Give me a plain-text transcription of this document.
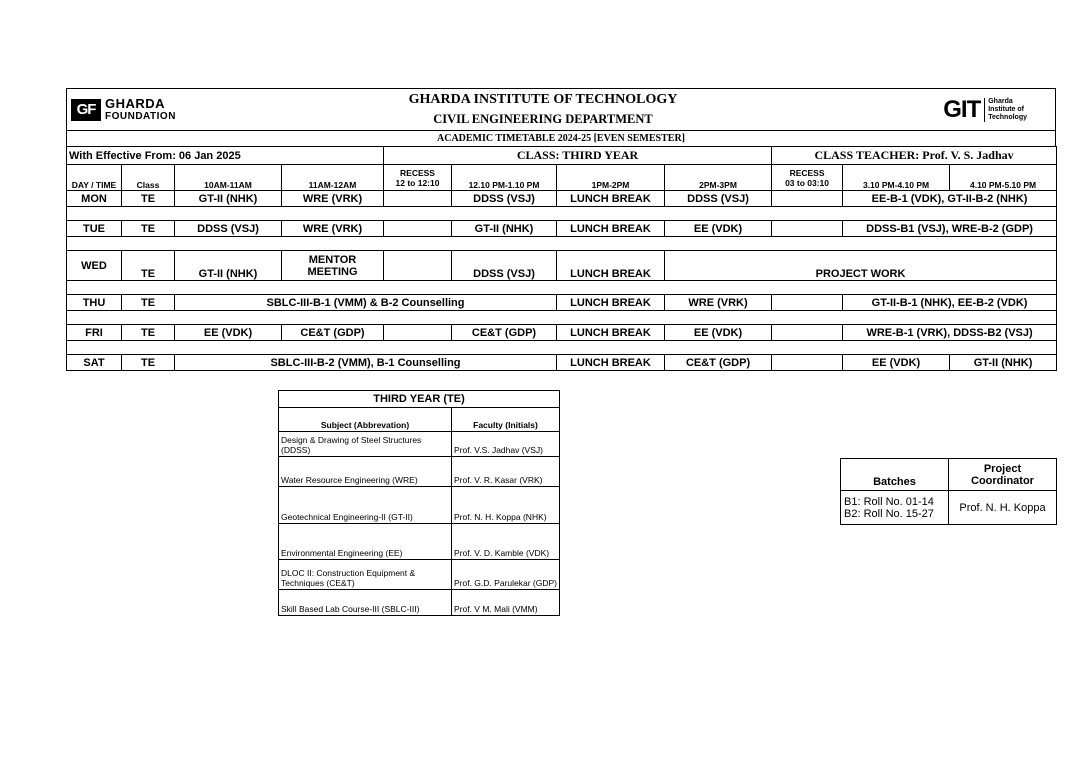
GF GHARDA
FOUNDATION

GHARDA INSTITUTE OF TECHNOLOGY
CIVIL ENGINEERING DEPARTMENT	GIT	Gharda
Institute of
Technology

ACADEMIC TIMETABLE 2024-25 [EVEN SEMESTER]
With Effective From: 06 Jan 2025				CLASS: THIRD YEAR				CLASS TEACHER: Prof. V. S. Jadhav		
DAY / TIME	Class	10AM-11AM	11AM-12AM	RECESS
12 to 12:10	12.10 PM-1.10 PM	1PM-2PM	2PM-3PM	RECESS
03 to 03:10	3.10 PM-4.10 PM	4.10 PM-5.10 PM
MON	TE	GT-II (NHK)	WRE (VRK)		DDSS (VSJ)	LUNCH BREAK	DDSS (VSJ)		EE-B-1 (VDK), GT-II-B-2 (NHK)	

TUE	TE	DDSS (VSJ)	WRE (VRK)		GT-II (NHK)	LUNCH BREAK	EE (VDK)		DDSS-B1 (VSJ), WRE-B-2 (GDP)	

WED	TE	GT-II (NHK)	MENTOR
MEETING		DDSS (VSJ)	LUNCH BREAK	PROJECT WORK			

THU	TE	SBLC-III-B-1 (VMM) & B-2 Counselling				LUNCH BREAK	WRE (VRK)		GT-II-B-1 (NHK), EE-B-2 (VDK)	

FRI	TE	EE (VDK)	CE&T (GDP)		CE&T (GDP)	LUNCH BREAK	EE (VDK)		WRE-B-1 (VRK), DDSS-B2 (VSJ)	

SAT	TE	SBLC-III-B-2 (VMM), B-1 Counselling				LUNCH BREAK	CE&T (GDP)		EE (VDK)	GT-II (NHK)
THIRD YEAR (TE)	
Subject (Abbrevation)	Faculty (Initials)
Design & Drawing of Steel Structures (DDSS)	Prof. V.S. Jadhav (VSJ)
Water Resource Engineering (WRE)	Prof. V. R. Kasar (VRK)
Geotechnical Engineering-II (GT-II)	Prof. N. H. Koppa (NHK)
Environmental Engineering (EE)	Prof. V. D. Kamble (VDK)
DLOC II: Construction Equipment & Techniques (CE&T)	Prof. G.D. Parulekar (GDP)
Skill Based Lab Course-III (SBLC-III)	Prof. V M. Mali (VMM)
Batches	Project
Coordinator
B1: Roll No. 01-14
B2: Roll No. 15-27	Prof. N. H. Koppa
